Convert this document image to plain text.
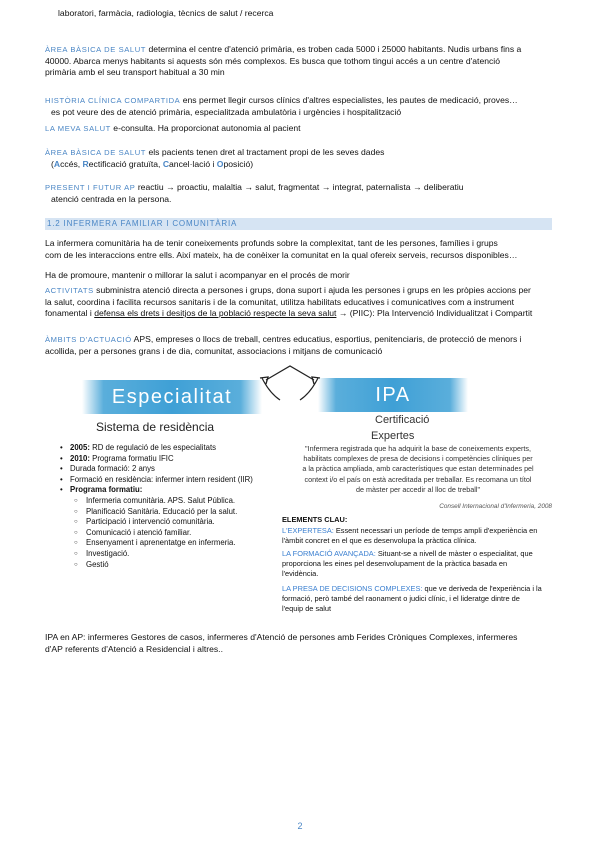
laboratori, farmàcia, radiologia, tècnics de salut / recerca
ÀREA BÀSICA DE SALUT determina el centre d'atenció primària, es troben cada 5000 i 25000 habitants. Nudis urbans fins a
40000. Abarca menys habitants si aquests són més complexos. Es busca que tothom tingui accés a un centre d'atenció
primària amb el seu transport habitual a 30 min
HISTÒRIA CLÍNICA COMPARTIDA ens permet llegir cursos clínics d'altres especialistes, les pautes de medicació, proves…
es pot veure des de atenció primària, especialitzada ambulatòria i urgències i hospitalització
LA MEVA SALUT e-consulta. Ha proporcionat autonomia al pacient
ÀREA BÀSICA DE SALUT els pacients tenen dret al tractament propi de les seves dades
(Accés, Rectificació gratuïta, Cancel·lació i Oposició)
PRESENT I FUTUR AP reactiu → proactiu, malaltia → salut, fragmentat → integrat, paternalista → deliberatiu
atenció centrada en la persona.
1.2 INFERMERA FAMILIAR I COMUNITÀRIA
La infermera comunitària ha de tenir coneixements profunds sobre la complexitat, tant de les persones, famílies i grups
com de les interaccions entre ells. Així mateix, ha de conèixer la comunitat en la qual ofereix serveis, recursos disponibles…
Ha de promoure, mantenir o millorar la salut i acompanyar en el procés de morir
ACTIVITATS subministra atenció directa a persones i grups, dona suport i ajuda les persones i grups en les pròpies accions per
la salut, coordina i facilita recursos sanitaris i de la comunitat, utilitza habilitats educatives i comunicatives com a instrument
fonamental i defensa els drets i desitjos de la població respecte la seva salut → (PIIC): Pla Intervenció Individualitzat i Compartit
ÀMBITS D'ACTUACIÓ APS, empreses o llocs de treball, centres educatius, esportius, penitenciaris, de protecció de menors i
acollida, per a persones grans i de dia, comunitat, associacions i mitjans de comunicació
Especialitat	IPA
Sistema de residència	Certificació
Expertes
• 2005: RD de regulació de les especialitats
• 2010: Programa formatiu IFIC
• Durada formació: 2 anys
• Formació en residència: infermer intern resident (IIR)
• Programa formatiu:
○ Infermeria comunitària. APS. Salut Pública.
○ Planificació Sanitària. Educació per la salut.
○ Participació i intervenció comunitària.
○ Comunicació i atenció familiar.
○ Ensenyament i aprenentatge en infermeria.
○ Investigació.
○ Gestió
"Infermera registrada que ha adquirit la base de coneixements experts,
habilitats complexes de presa de decisions i competències clíniques per
a la pràctica ampliada, amb característiques que estan determinades pel
context i/o el país on està acreditada per treballar. Es recomana un títol
de màster per accedir al lloc de treball"
Consell Internacional d'Infermeria, 2008
ELEMENTS CLAU:
L'EXPERTESA: Essent necessari un període de temps ampli d'experiència en
l'àmbit concret en el que es desenvolupa la pràctica clínica.
LA FORMACIÓ AVANÇADA: Situant-se a nivell de màster o especialitat, que
proporciona les eines pel desenvolupament de la pràctica basada en
l'evidència.
LA PRESA DE DECISIONS COMPLEXES: que ve deriveda de l'experiència i la
formació, però també del raonament o judici clínic, i el lideratge dintre de
l'equip de salut
IPA en AP: infermeres Gestores de casos, infermeres d'Atenció de persones amb Ferides Cròniques Complexes, infermeres
d'AP referents d'Atenció a Residencial i altres..
2
